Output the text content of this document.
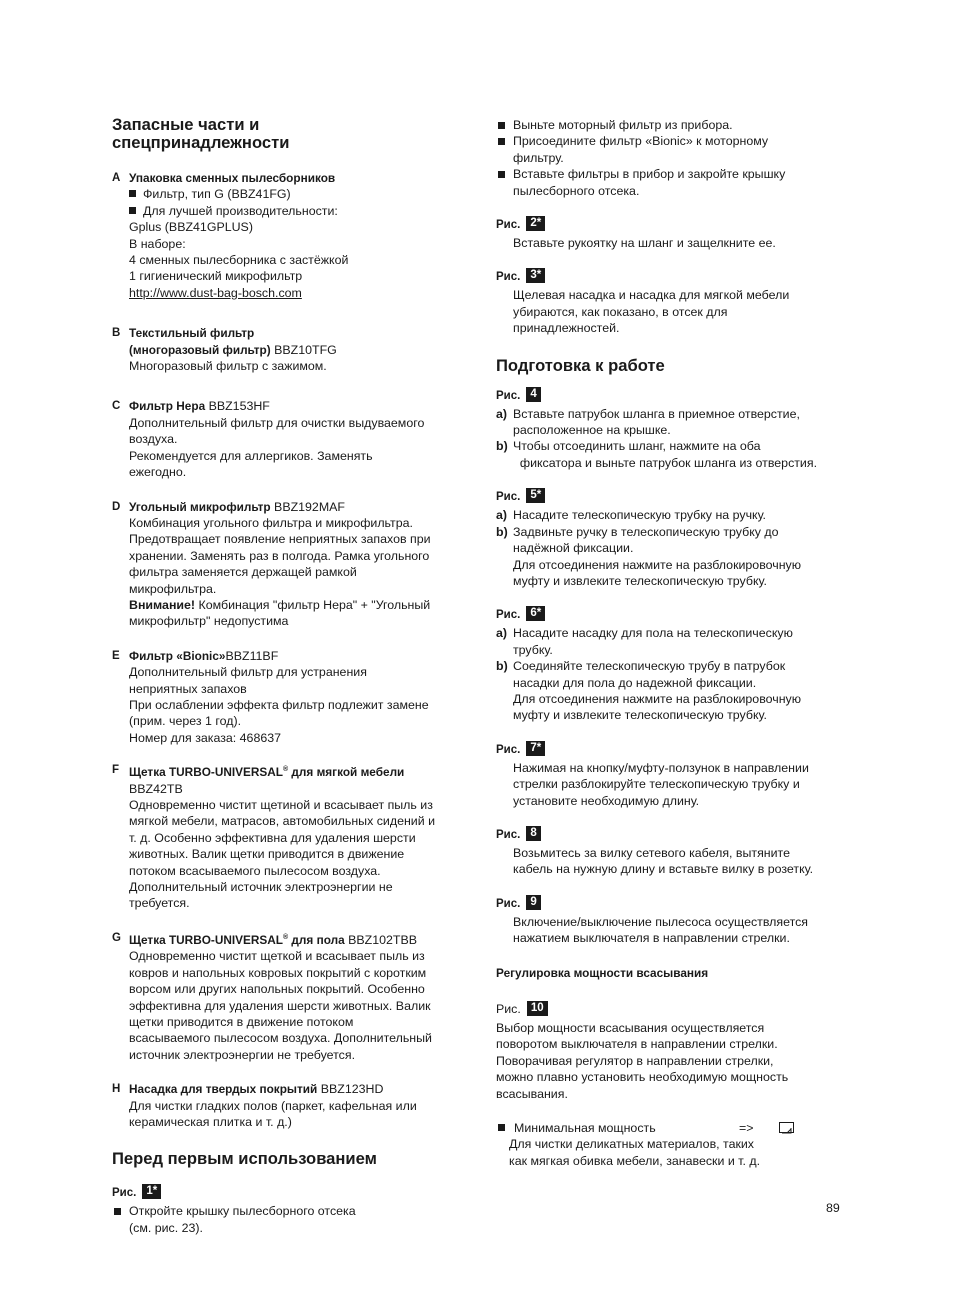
Запасные части и
спецпринадлежности
A Упаковка сменных пылесборников
Фильтр, тип G (BBZ41FG)
Для лучшей производительности:
Gplus (BBZ41GPLUS)
В наборе:
4 сменных пылесборника с застёжкой
1 гигиенический микрофильтр
http://www.dust-bag-bosch.com
B Текстильный фильтр
(многоразовый фильтр) BBZ10TFG
Многоразовый фильтр с зажимом.
C Фильтр Hepa BBZ153HF
Дополнительный фильтр для очистки выдуваемого
воздуха.
Рекомендуется для аллергиков. Заменять
ежегодно.
D Угольный микрофильтр BBZ192MAF
Комбинация угольного фильтра и микрофильтра.
Предотвращает появление неприятных запахов при
хранении. Заменять раз в полгода. Рамка угольного
фильтра заменяется держащей рамкой
микрофильтра.
Внимание! Комбинация "фильтр Hepa" + "Угольный
микрофильтр" недопустима
E Фильтр «Bionic»BBZ11BF
Дополнительный фильтр для устранения
неприятных запахов
При ослаблении эффекта фильтр подлежит замене
(прим. через 1 год).
Номер для заказа: 468637
F Щетка TURBO-UNIVERSAL® для мягкой мебели
BBZ42TB
Одновременно чистит щетиной и всасывает пыль из
мягкой мебели, матрасов, автомобильных сидений и
т. д. Особенно эффективна для удаления шерсти
животных. Валик щетки приводится в движение
потоком всасываемого пылесосом воздуха.
Дополнительный источник электроэнергии не
требуется.
G Щетка TURBO-UNIVERSAL® для пола BBZ102TBB
Одновременно чистит щеткой и всасывает пыль из
ковров и напольных ковровых покрытий с коротким
ворсом или других напольных покрытий. Особенно
эффективна для удаления шерсти животных. Валик
щетки приводится в движение потоком
всасываемого пылесосом воздуха. Дополнительный
источник электроэнергии не требуется.
H Насадка для твердых покрытий BBZ123HD
Для чистки гладких полов (паркет, кафельная или
керамическая плитка и т. д.)
Перед первым использованием
Рис. 1*
Откройте крышку пылесборного отсека
(см. рис. 23).
Выньте моторный фильтр из прибора.
Присоедините фильтр «Bionic» к моторному
фильтру.
Вставьте фильтры в прибор и закройте крышку
пылесборного отсека.
Рис. 2*
Вставьте рукоятку на шланг и защелкните ее.
Рис. 3*
Щелевая насадка и насадка для мягкой мебели
убираются, как показано, в отсек для
принадлежностей.
Подготовка к работе
Рис. 4
a) Вставьте патрубок шланга в приемное отверстие,
расположенное на крышке.
b) Чтобы отсоединить шланг, нажмите на оба
фиксатора и выньте патрубок шланга из отверстия.
Рис. 5*
a) Насадите телескопическую трубку на ручку.
b) Задвиньте ручку в телескопическую трубку до
надёжной фиксации.
Для отсоединения нажмите на разблокировочную
муфту и извлеките телескопическую трубку.
Рис. 6*
a) Насадите насадку для пола на телескопическую
трубку.
b) Соединяйте телескопическую трубу в патрубок
насадки для пола до надежной фиксации.
Для отсоединения нажмите на разблокировочную
муфту и извлеките телескопическую трубку.
Рис. 7*
Нажимая на кнопку/муфту-ползунок в направлении
стрелки разблокируйте телескопическую трубку и
установите необходимую длину.
Рис. 8
Возьмитесь за вилку сетевого кабеля, вытяните
кабель на нужную длину и вставьте вилку в розетку.
Рис. 9
Включение/выключение пылесоса осуществляется
нажатием выключателя в направлении стрелки.
Регулировка мощности всасывания
Рис. 10
Выбор мощности всасывания осуществляется
поворотом выключателя в направлении стрелки.
Поворачивая регулятор в направлении стрелки,
можно плавно установить необходимую мощность
всасывания.
Минимальная мощность	=>
Для чистки деликатных материалов, таких
как мягкая обивка мебели, занавески и т. д.
89
